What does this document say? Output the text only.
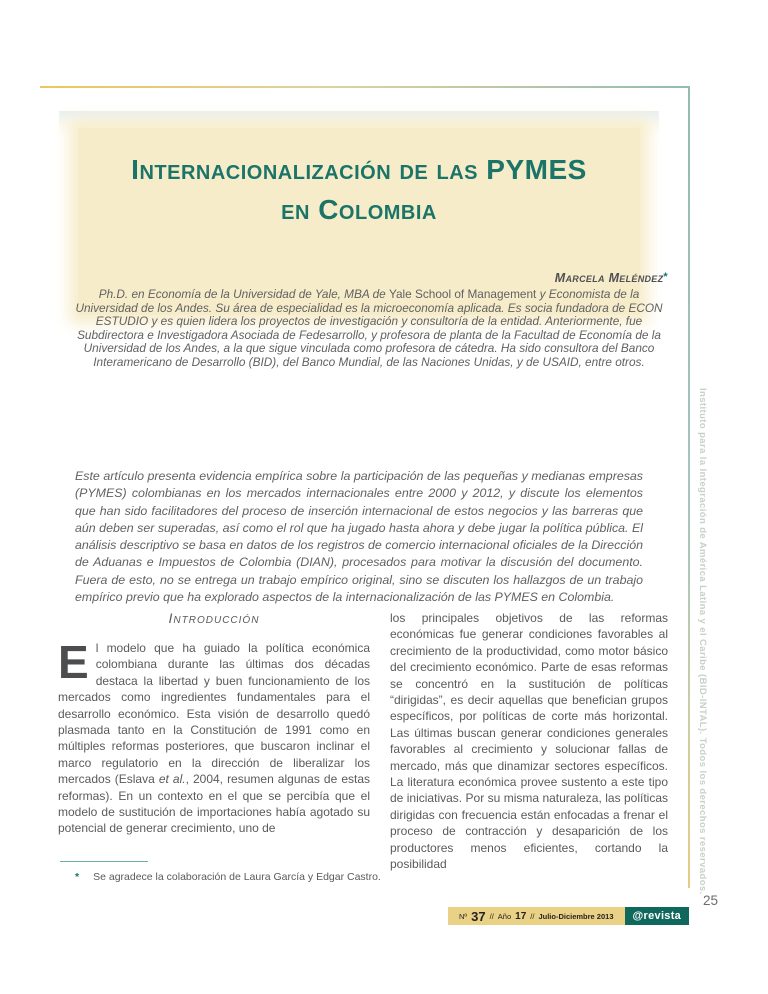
Internacionalización de las PYMES
en Colombia
Marcela Meléndez*

Ph.D. en Economía de la Universidad de Yale, MBA de Yale School of Management y Economista de la Universidad de los Andes. Su área de especialidad es la microeconomía aplicada. Es socia fundadora de ECON ESTUDIO y es quien lidera los proyectos de investigación y consultoría de la entidad. Anteriormente, fue Subdirectora e Investigadora Asociada de Fedesarrollo, y profesora de planta de la Facultad de Economía de la Universidad de los Andes, a la que sigue vinculada como profesora de cátedra. Ha sido consultora del Banco Interamericano de Desarrollo (BID), del Banco Mundial, de las Naciones Unidas, y de USAID, entre otros.

Este artículo presenta evidencia empírica sobre la participación de las pequeñas y medianas empresas (PYMES) colombianas en los mercados internacionales entre 2000 y 2012, y discute los elementos que han sido facilitadores del proceso de inserción internacional de estos negocios y las barreras que aún deben ser superadas, así como el rol que ha jugado hasta ahora y debe jugar la política pública. El análisis descriptivo se basa en datos de los registros de comercio internacional oficiales de la Dirección de Aduanas e Impuestos de Colombia (DIAN), procesados para motivar la discusión del documento. Fuera de esto, no se entrega un trabajo empírico original, sino se discuten los hallazgos de un trabajo empírico previo que ha explorado aspectos de la internacionalización de las PYMES en Colombia.

Introducción

El modelo que ha guiado la política económica colombiana durante las últimas dos décadas destaca la libertad y buen funcionamiento de los mercados como ingredientes fundamentales para el desarrollo económico. Esta visión de desarrollo quedó plasmada tanto en la Constitución de 1991 como en múltiples reformas posteriores, que buscaron inclinar el marco regulatorio en la dirección de liberalizar los mercados (Eslava et al., 2004, resumen algunas de estas reformas). En un contexto en el que se percibía que el modelo de sustitución de importaciones había agotado su potencial de generar crecimiento, uno de

los principales objetivos de las reformas económicas fue generar condiciones favorables al crecimiento de la productividad, como motor básico del crecimiento económico. Parte de esas reformas se concentró en la sustitución de políticas “dirigidas”, es decir aquellas que benefician grupos específicos, por políticas de corte más horizontal. Las últimas buscan generar condiciones generales favorables al crecimiento y solucionar fallas de mercado, más que dinamizar sectores específicos. La literatura económica provee sustento a este tipo de iniciativas. Por su misma naturaleza, las políticas dirigidas con frecuencia están enfocadas a frenar el proceso de contracción y desaparición de los productores menos eficientes, cortando la posibilidad

* Se agradece la colaboración de Laura García y Edgar Castro.
Nº 37 // Año 17 // Julio-Diciembre 2013	@revista
25
Instituto para la Integración de América Latina y el Caribe (BID-INTAL). Todos los derechos reservados.
